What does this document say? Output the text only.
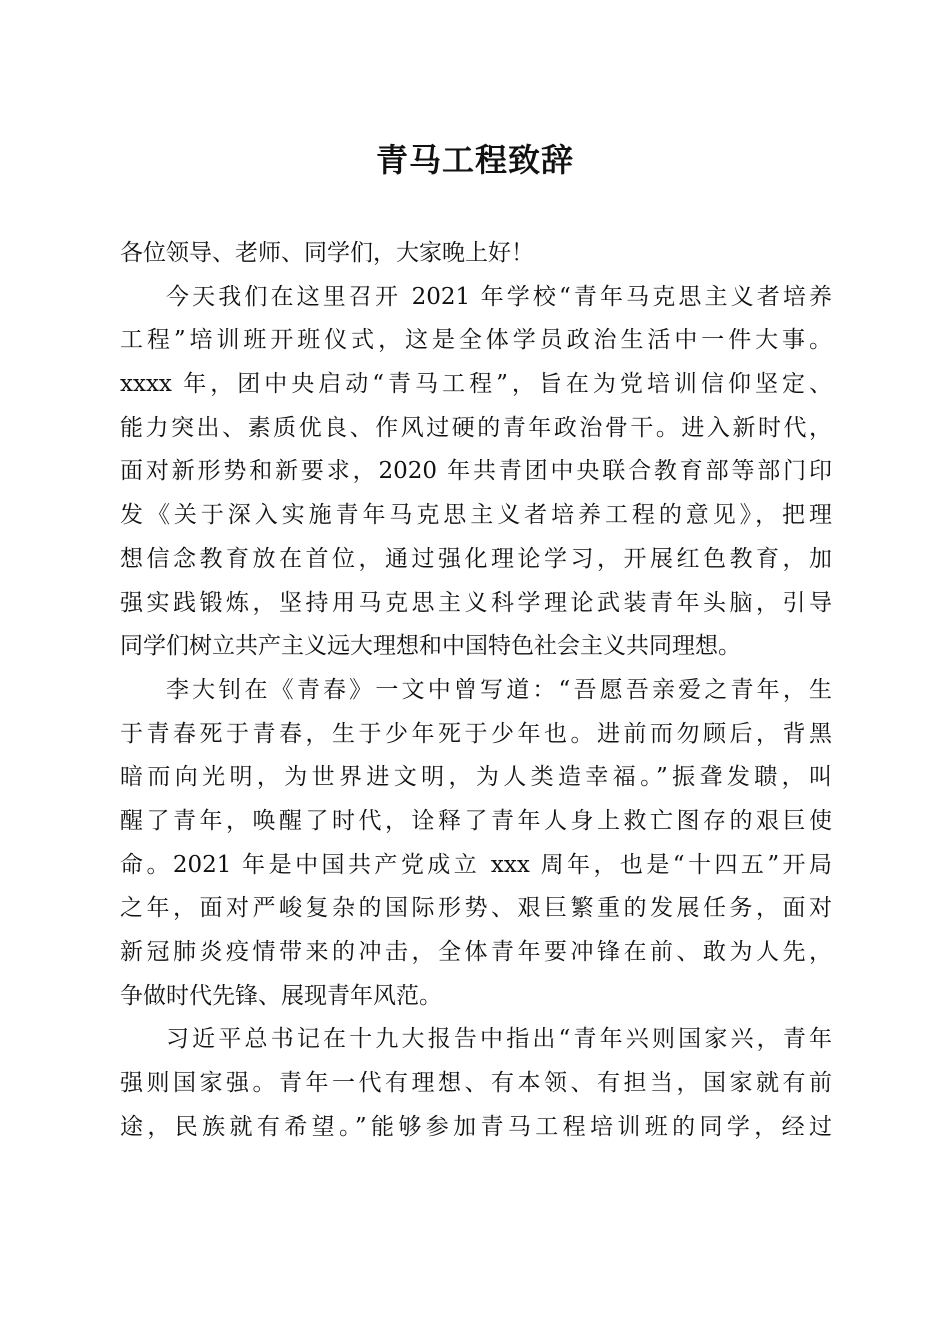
青马工程致辞
各位领导、老师、同学们，大家晚上好！
今天我们在这里召开 2021 年学校“青年马克思主义者培养
工程”培训班开班仪式，这是全体学员政治生活中一件大事。
xxxx 年，团中央启动“青马工程”，旨在为党培训信仰坚定、
能力突出、素质优良、作风过硬的青年政治骨干。进入新时代，
面对新形势和新要求，2020 年共青团中央联合教育部等部门印
发《关于深入实施青年马克思主义者培养工程的意见》，把理
想信念教育放在首位，通过强化理论学习，开展红色教育，加
强实践锻炼，坚持用马克思主义科学理论武装青年头脑，引导
同学们树立共产主义远大理想和中国特色社会主义共同理想。
李大钊在《青春》一文中曾写道：“吾愿吾亲爱之青年，生
于青春死于青春，生于少年死于少年也。进前而勿顾后，背黑
暗而向光明，为世界进文明，为人类造幸福。”振聋发聩，叫
醒了青年，唤醒了时代，诠释了青年人身上救亡图存的艰巨使
命。2021 年是中国共产党成立 xxx 周年，也是“十四五”开局
之年，面对严峻复杂的国际形势、艰巨繁重的发展任务，面对
新冠肺炎疫情带来的冲击，全体青年要冲锋在前、敢为人先，
争做时代先锋、展现青年风范。
习近平总书记在十九大报告中指出“青年兴则国家兴，青年
强则国家强。青年一代有理想、有本领、有担当，国家就有前
途，民族就有希望。”能够参加青马工程培训班的同学，经过
